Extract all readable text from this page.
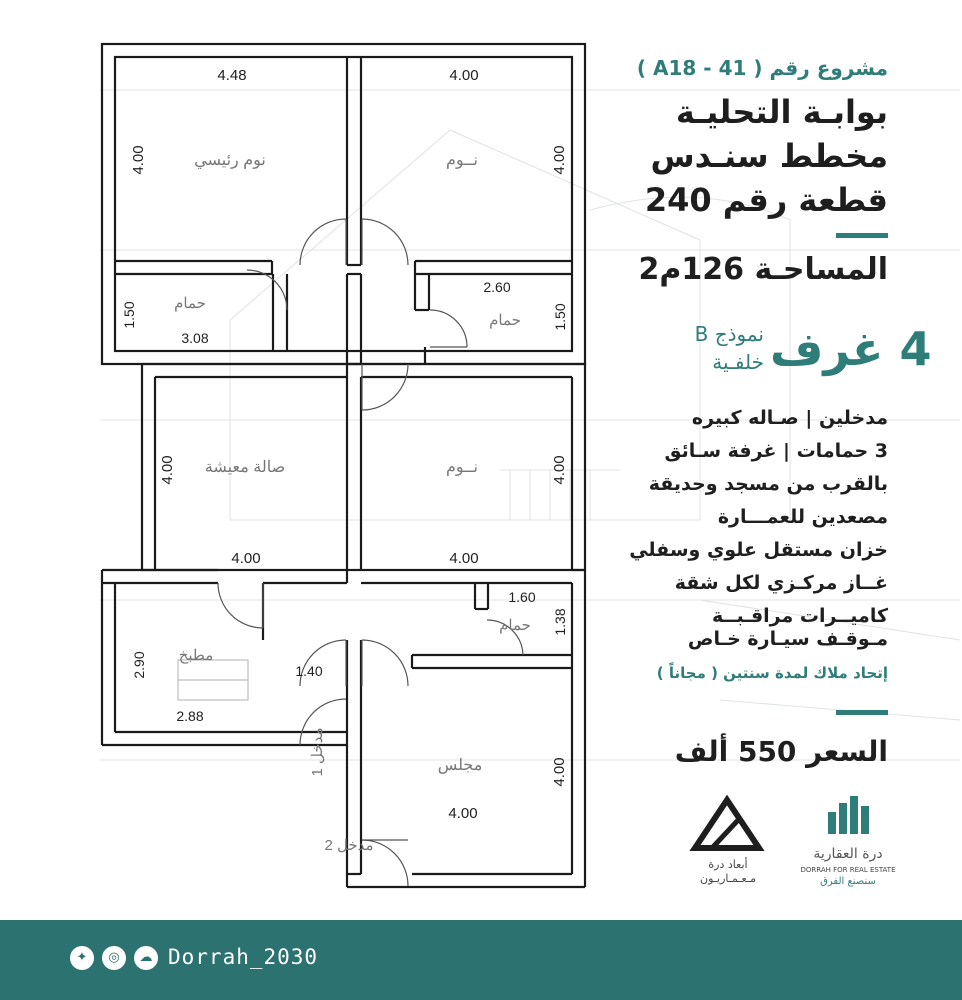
4.48
4.00	نوم رئيسي
4.00
4.00
نــوم
1.50 حمام
3.08
2.60
حمام 1.50
4.00 صالة معيشة
4.00
نــوم	4.00
4.00
2.90 مطبخ
2.88
1.60
حمام 1.38
1.40
مدخل 1	مجلس	4.00
4.00
مدخل 2
مشروع رقم ( A18 - 41 )
بوابـة التحليـة
مخطط سنـدس
قطعة رقم 240
المساحـة 126م2
4 غرف
نموذج B
خلفـية
مدخلين | صـاله كبيره
3 حمامات | غرفة سـائق
بالقرب من مسجد وحديقة
مصعدين للعمـــارة
خزان مستقل علوي وسفلي
غــاز مركـزي لكل شقة
كاميــرات مراقـبــة
مـوقـف سيـارة خـاص
إتحاد ملاك لمدة سنتين ( مجاناً )
السعر 550 ألف
أبعاد درة
مـعـمـاريـون
درة العقارية
DORRAH FOR REAL ESTATE
سنصنع الفرق
✦	◎	☁ Dorrah_2030
